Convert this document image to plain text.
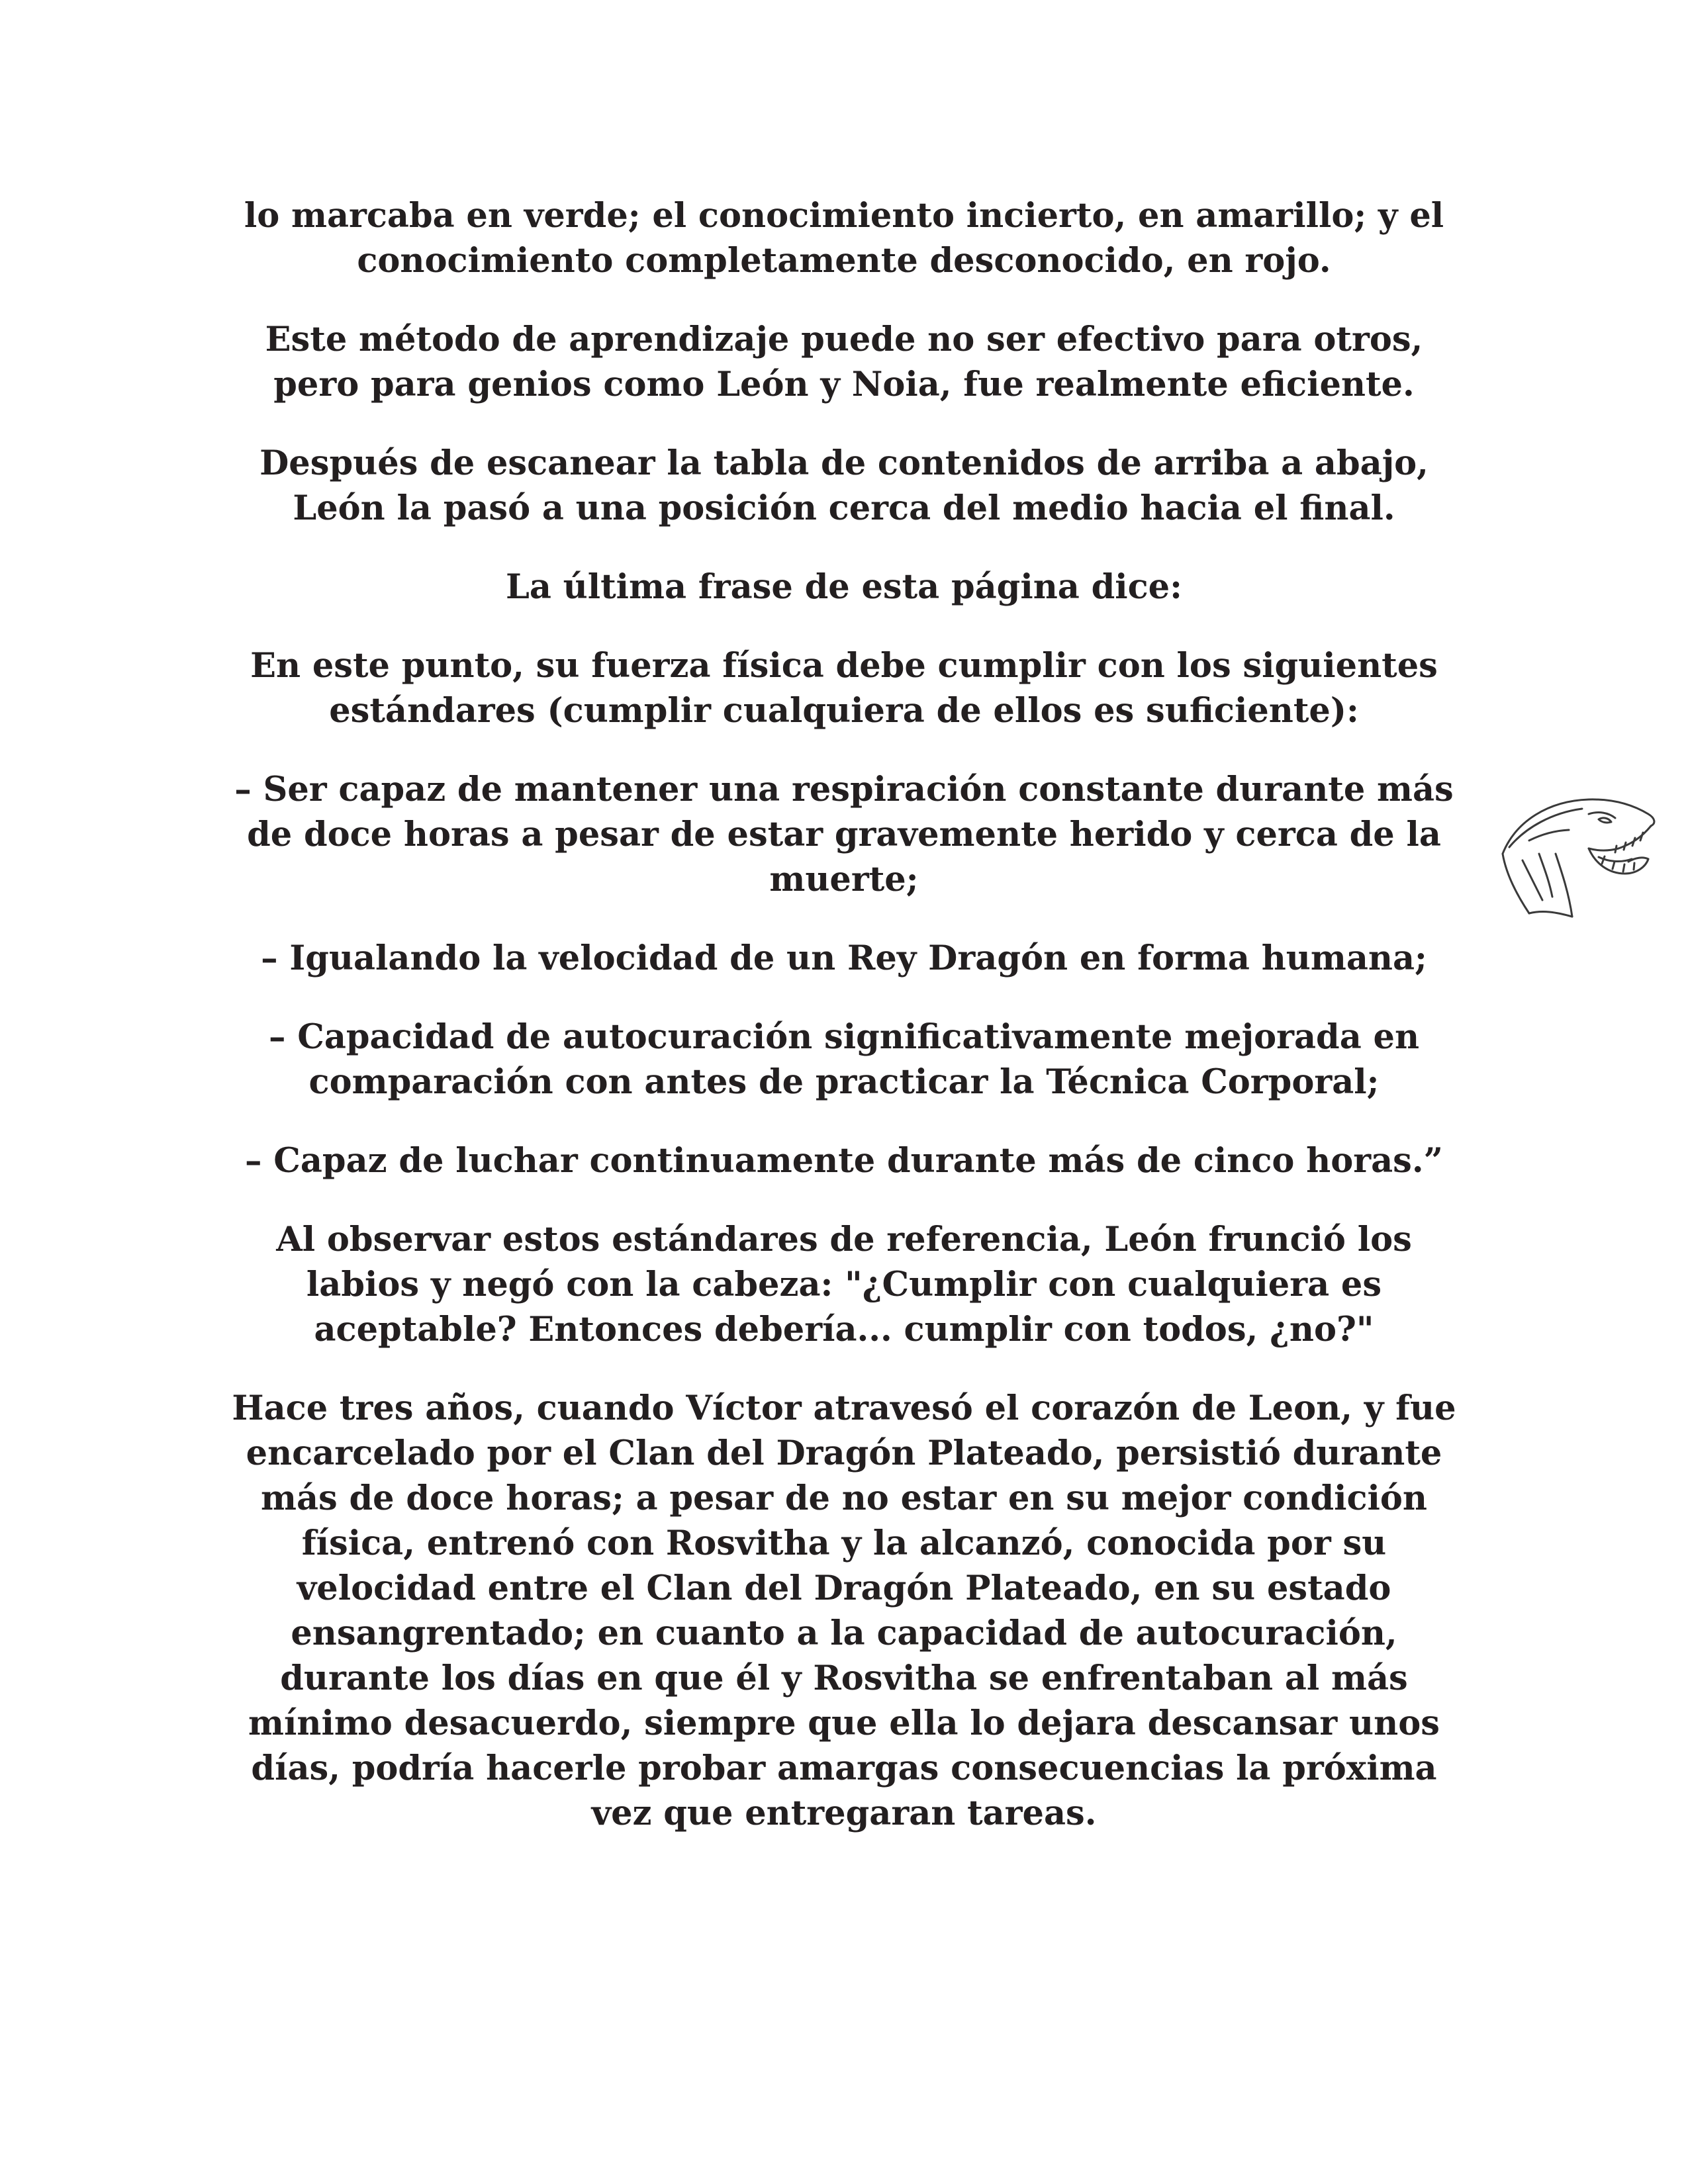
lo marcaba en verde; el conocimiento incierto, en amarillo; y el conocimiento completamente desconocido, en rojo.

Este método de aprendizaje puede no ser efectivo para otros, pero para genios como León y Noia, fue realmente eficiente.

Después de escanear la tabla de contenidos de arriba a abajo, León la pasó a una posición cerca del medio hacia el final.

La última frase de esta página dice:

En este punto, su fuerza física debe cumplir con los siguientes estándares (cumplir cualquiera de ellos es suficiente):

– Ser capaz de mantener una respiración constante durante más de doce horas a pesar de estar gravemente herido y cerca de la muerte;

– Igualando la velocidad de un Rey Dragón en forma humana;

– Capacidad de autocuración significativamente mejorada en comparación con antes de practicar la Técnica Corporal;

– Capaz de luchar continuamente durante más de cinco horas.”

Al observar estos estándares de referencia, León frunció los labios y negó con la cabeza: "¿Cumplir con cualquiera es aceptable? Entonces debería... cumplir con todos, ¿no?"

Hace tres años, cuando Víctor atravesó el corazón de Leon, y fue encarcelado por el Clan del Dragón Plateado, persistió durante más de doce horas; a pesar de no estar en su mejor condición física, entrenó con Rosvitha y la alcanzó, conocida por su velocidad entre el Clan del Dragón Plateado, en su estado ensangrentado; en cuanto a la capacidad de autocuración, durante los días en que él y Rosvitha se enfrentaban al más mínimo desacuerdo, siempre que ella lo dejara descansar unos días, podría hacerle probar amargas consecuencias la próxima vez que entregaran tareas.
